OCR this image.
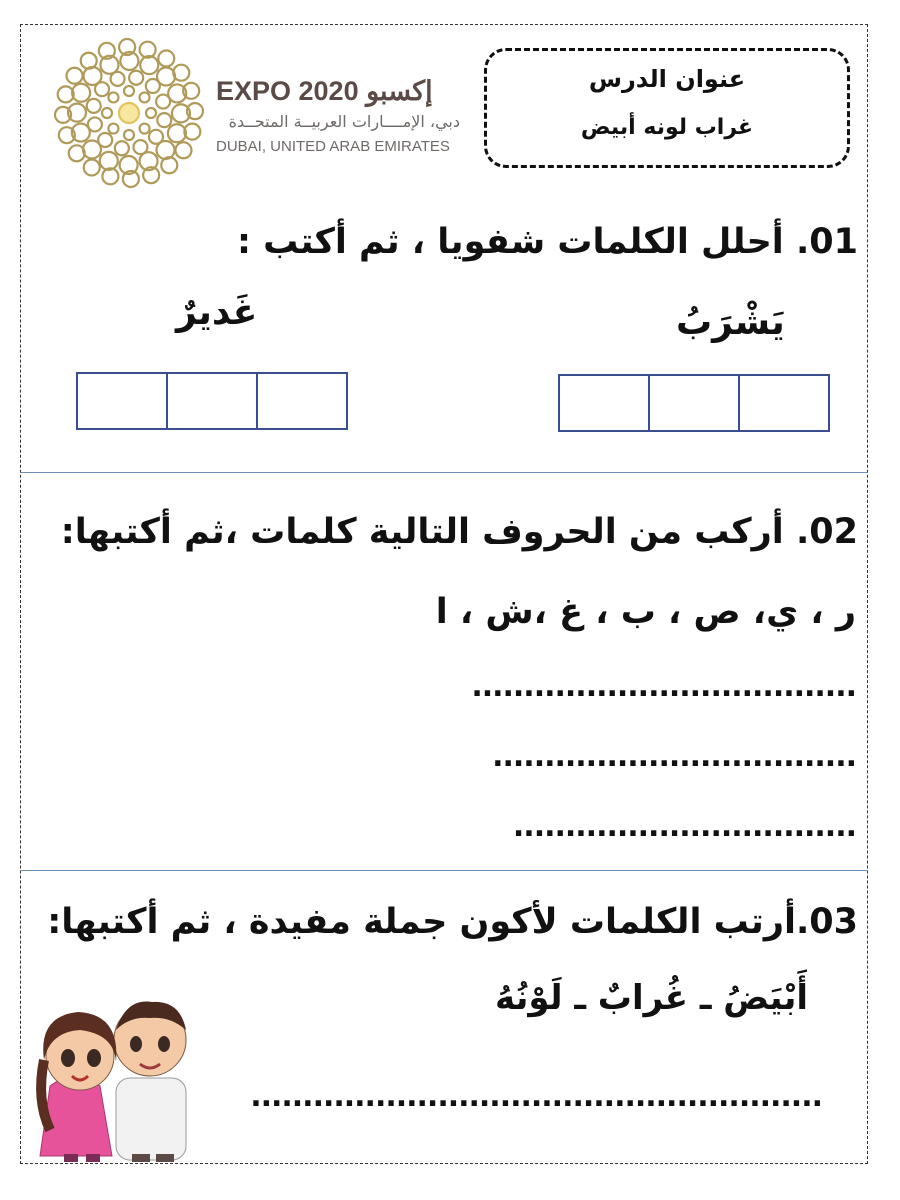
عنوان الدرس
غراب لونه أبيض
EXPO 2020 إكسبو
دبي، الإمــــارات العربيــة المتحــدة
DUBAI, UNITED ARAB EMIRATES
01. أحلل الكلمات شفويا ، ثم أكتب :
يَشْرَبُ
غَديرٌ
02. أركب من الحروف التالية كلمات ،ثم أكتبها:
ر ، ي، ص ، ب ، غ ،ش ، ا
.....................................
...................................
.................................
03.أرتب الكلمات لأكون جملة مفيدة ، ثم أكتبها:
أَبْيَضُ ـ غُرابٌ ـ لَوْنُهُ
.......................................................
